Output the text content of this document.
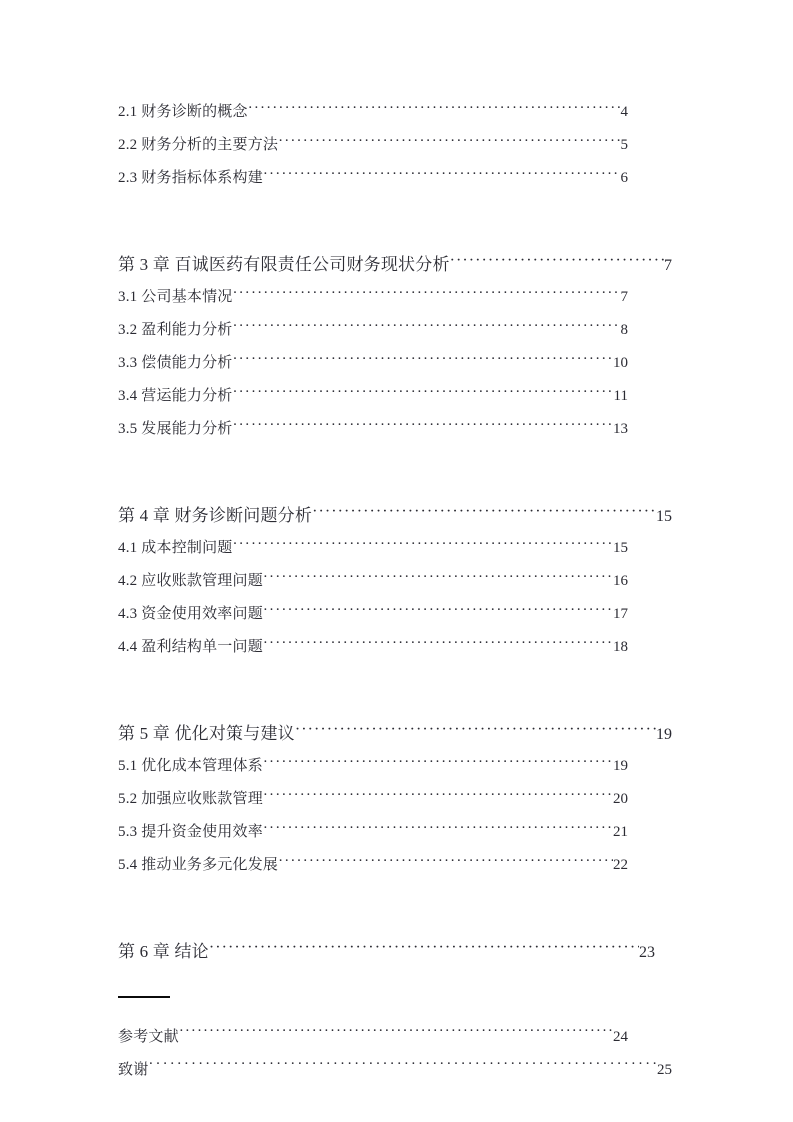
2.1 财务诊断的概念 ·····	4
2.2 财务分析的主要方法 ·····	5
2.3 财务指标体系构建 ·····	6
第 3 章 百诚医药有限责任公司财务现状分析 ·····	7
3.1 公司基本情况 ·····	7
3.2 盈利能力分析 ·····	8
3.3 偿债能力分析 ·····	10
3.4 营运能力分析 ·····	11
3.5 发展能力分析 ·····	13
第 4 章 财务诊断问题分析 ·····	15
4.1 成本控制问题 ·····	15
4.2 应收账款管理问题 ·····	16
4.3 资金使用效率问题 ·····	17
4.4 盈利结构单一问题 ·····	18
第 5 章 优化对策与建议 ·····	19
5.1 优化成本管理体系 ·····	19
5.2 加强应收账款管理 ·····	20
5.3 提升资金使用效率 ·····	21
5.4 推动业务多元化发展 ·····	22
第 6 章 结论 ·····	23
参考文献 ·····	24
致谢 ·····	25
